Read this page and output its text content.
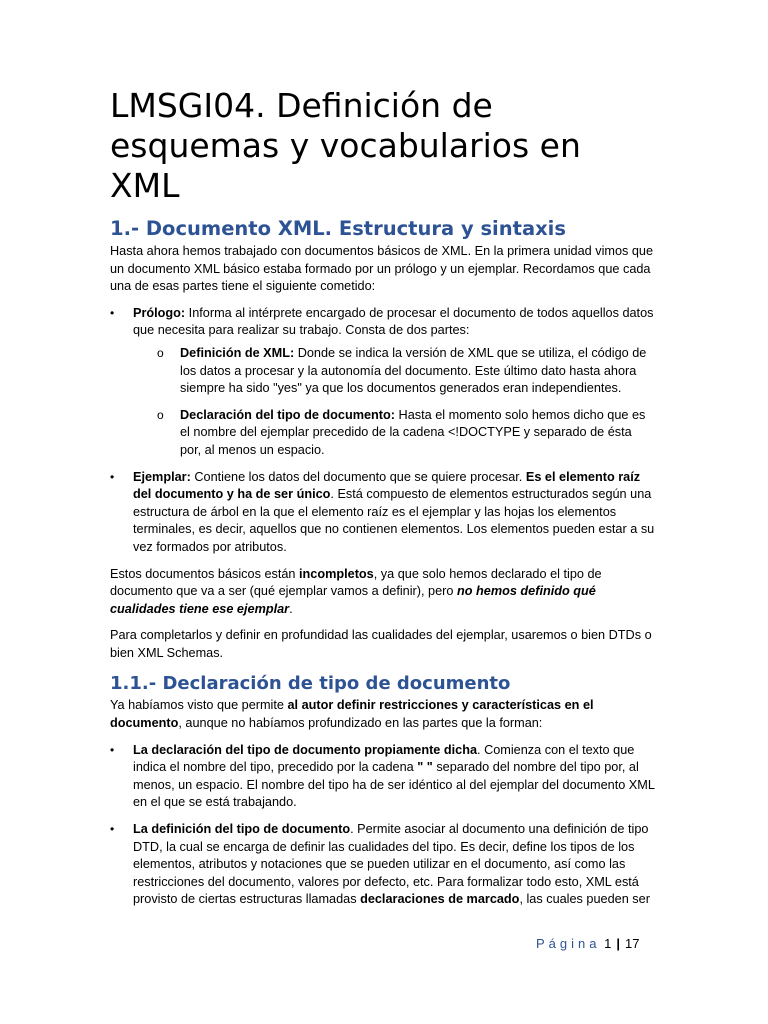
LMSGI04. Definición de esquemas y vocabularios en XML
1.- Documento XML. Estructura y sintaxis

Hasta ahora hemos trabajado con documentos básicos de XML. En la primera unidad vimos que un documento XML básico estaba formado por un prólogo y un ejemplar. Recordamos que cada una de esas partes tiene el siguiente cometido:

• Prólogo: Informa al intérprete encargado de procesar el documento de todos aquellos datos que necesita para realizar su trabajo. Consta de dos partes:
o Definición de XML: Donde se indica la versión de XML que se utiliza, el código de los datos a procesar y la autonomía del documento. Este último dato hasta ahora siempre ha sido "yes" ya que los documentos generados eran independientes.
o Declaración del tipo de documento: Hasta el momento solo hemos dicho que es el nombre del ejemplar precedido de la cadena <!DOCTYPE y separado de ésta por, al menos un espacio.
• Ejemplar: Contiene los datos del documento que se quiere procesar. Es el elemento raíz del documento y ha de ser único. Está compuesto de elementos estructurados según una estructura de árbol en la que el elemento raíz es el ejemplar y las hojas los elementos terminales, es decir, aquellos que no contienen elementos. Los elementos pueden estar a su vez formados por atributos.

Estos documentos básicos están incompletos, ya que solo hemos declarado el tipo de documento que va a ser (qué ejemplar vamos a definir), pero no hemos definido qué cualidades tiene ese ejemplar.

Para completarlos y definir en profundidad las cualidades del ejemplar, usaremos o bien DTDs o bien XML Schemas.

1.1.- Declaración de tipo de documento

Ya habíamos visto que permite al autor definir restricciones y características en el documento, aunque no habíamos profundizado en las partes que la forman:

• La declaración del tipo de documento propiamente dicha. Comienza con el texto que indica el nombre del tipo, precedido por la cadena " " separado del nombre del tipo por, al menos, un espacio. El nombre del tipo ha de ser idéntico al del ejemplar del documento XML en el que se está trabajando.
• La definición del tipo de documento. Permite asociar al documento una definición de tipo DTD, la cual se encarga de definir las cualidades del tipo. Es decir, define los tipos de los elementos, atributos y notaciones que se pueden utilizar en el documento, así como las restricciones del documento, valores por defecto, etc. Para formalizar todo esto, XML está provisto de ciertas estructuras llamadas declaraciones de marcado, las cuales pueden ser
Página 1 | 17
